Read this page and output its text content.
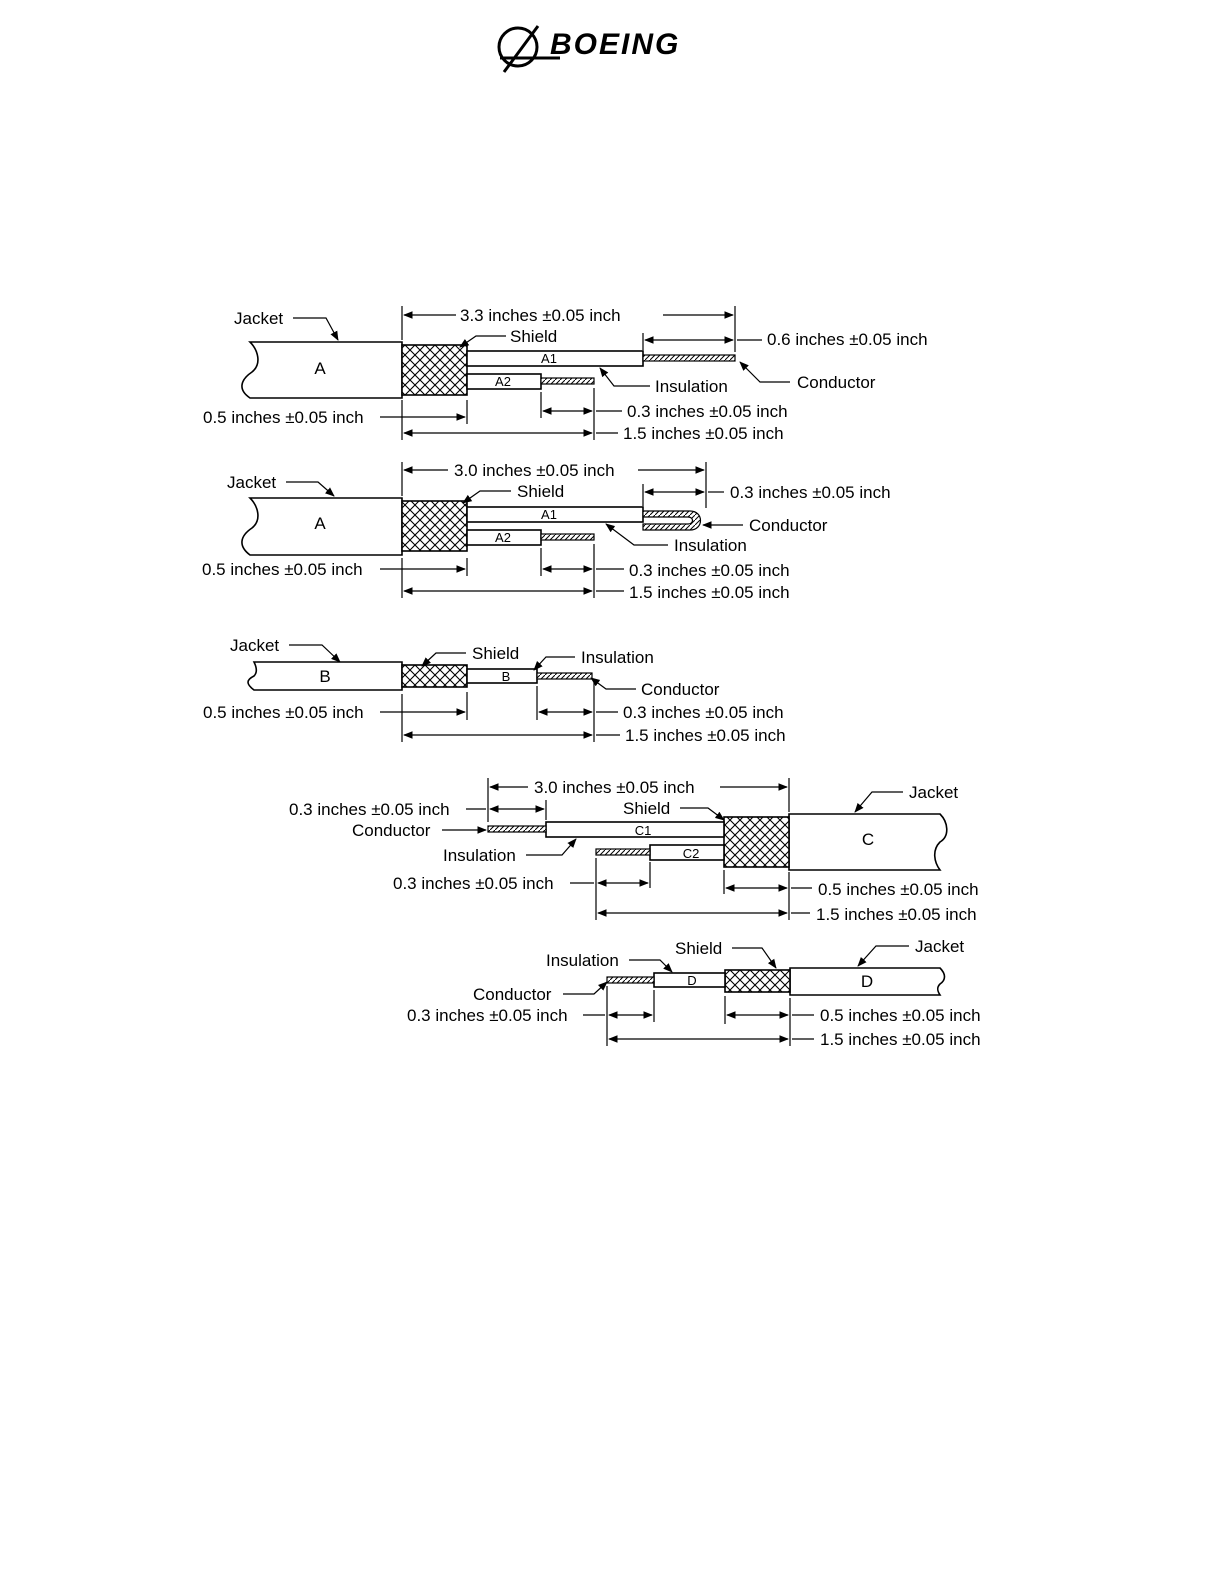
BOEING
A
A1
A2
Jacket
Shield
Insulation	Conductor
3.3 inches ±0.05 inch
0.6 inches ±0.05 inch
0.5 inches ±0.05 inch	0.3 inches ±0.05 inch
1.5 inches ±0.05 inch
A	A1
A2
Jacket	Shield
Insulation
Conductor
3.0 inches ±0.05 inch
0.3 inches ±0.05 inch
0.5 inches ±0.05 inch	0.3 inches ±0.05 inch
1.5 inches ±0.05 inch
B	B
Jacket	Shield	Insulation
Conductor
0.5 inches ±0.05 inch	0.3 inches ±0.05 inch
1.5 inches ±0.05 inch
C
C1
C2
Jacket
Shield
Conductor
Insulation
3.0 inches ±0.05 inch
0.3 inches ±0.05 inch
0.3 inches ±0.05 inch	0.5 inches ±0.05 inch
1.5 inches ±0.05 inch
D
D
Jacket
Shield
Insulation
Conductor
0.3 inches ±0.05 inch	0.5 inches ±0.05 inch
1.5 inches ±0.05 inch
